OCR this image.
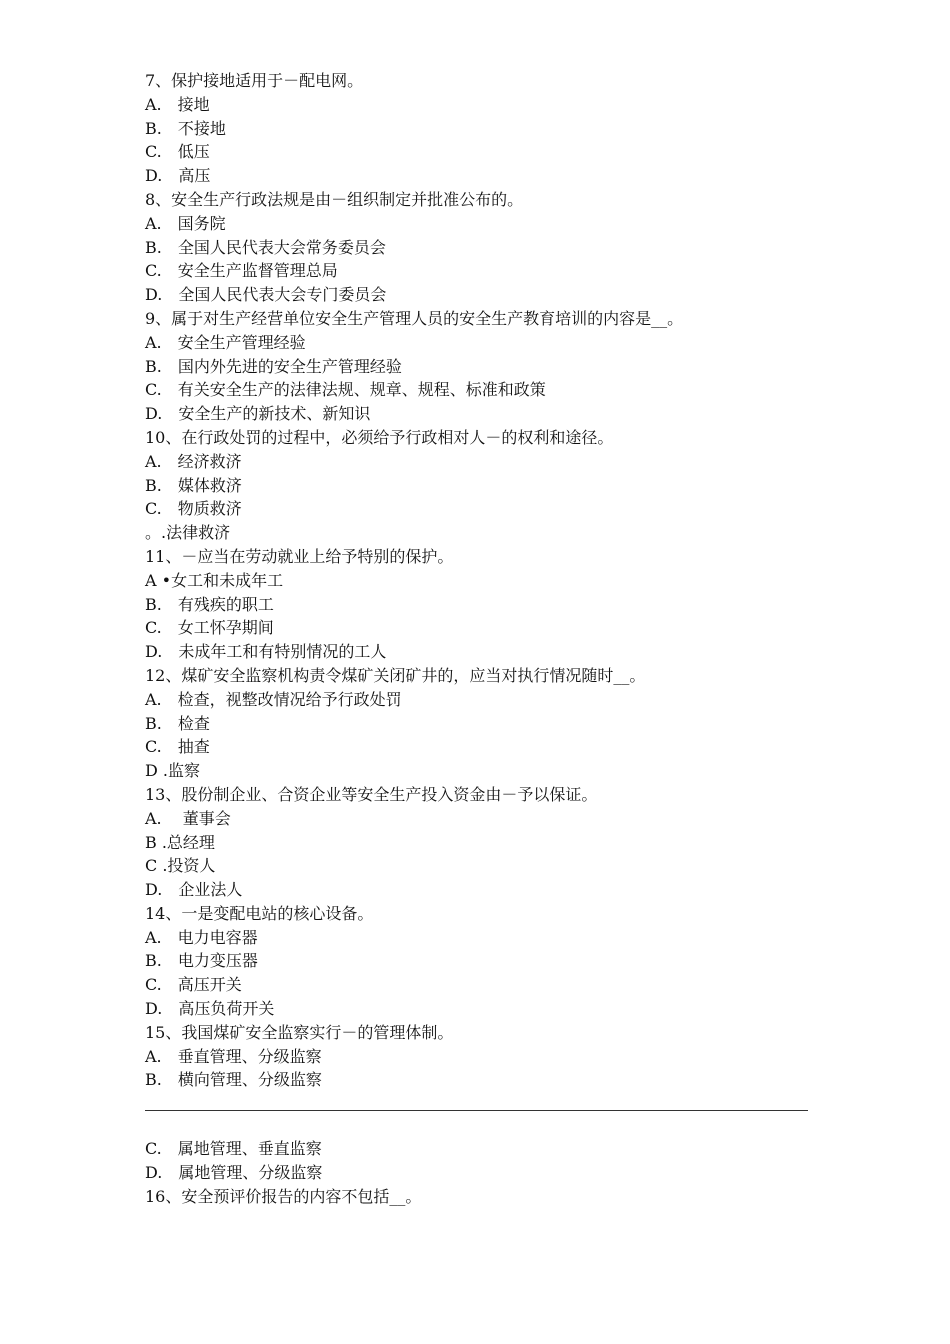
7、保护接地适用于－配电网。
A.　接地
B.　不接地
C.　低压
D.　高压
8、安全生产行政法规是由－组织制定并批准公布的。
A.　国务院
B.　全国人民代表大会常务委员会
C.　安全生产监督管理总局
D.　全国人民代表大会专门委员会
9、属于对生产经营单位安全生产管理人员的安全生产教育培训的内容是__。
A.　安全生产管理经验
B.　国内外先进的安全生产管理经验
C.　有关安全生产的法律法规、规章、规程、标准和政策
D.　安全生产的新技术、新知识
10、在行政处罚的过程中，必须给予行政相对人－的权利和途径。
A.　经济救济
B.　媒体救济
C.　物质救济
。.法律救济
11、－应当在劳动就业上给予特别的保护。
A •女工和未成年工
B.　有残疾的职工
C.　女工怀孕期间
D.　未成年工和有特别情况的工人
12、煤矿安全监察机构责令煤矿关闭矿井的，应当对执行情况随时__。
A.　检查，视整改情况给予行政处罚
B.　检查
C.　抽查
D .监察
13、股份制企业、合资企业等安全生产投入资金由－予以保证。
A.　 董事会
B .总经理
C .投资人
D.　企业法人
14、一是变配电站的核心设备。
A.　电力电容器
B.　电力变压器
C.　高压开关
D.　高压负荷开关
15、我国煤矿安全监察实行－的管理体制。
A.　垂直管理、分级监察
B.　横向管理、分级监察
C.　属地管理、垂直监察
D.　属地管理、分级监察
16、安全预评价报告的内容不包括__。
